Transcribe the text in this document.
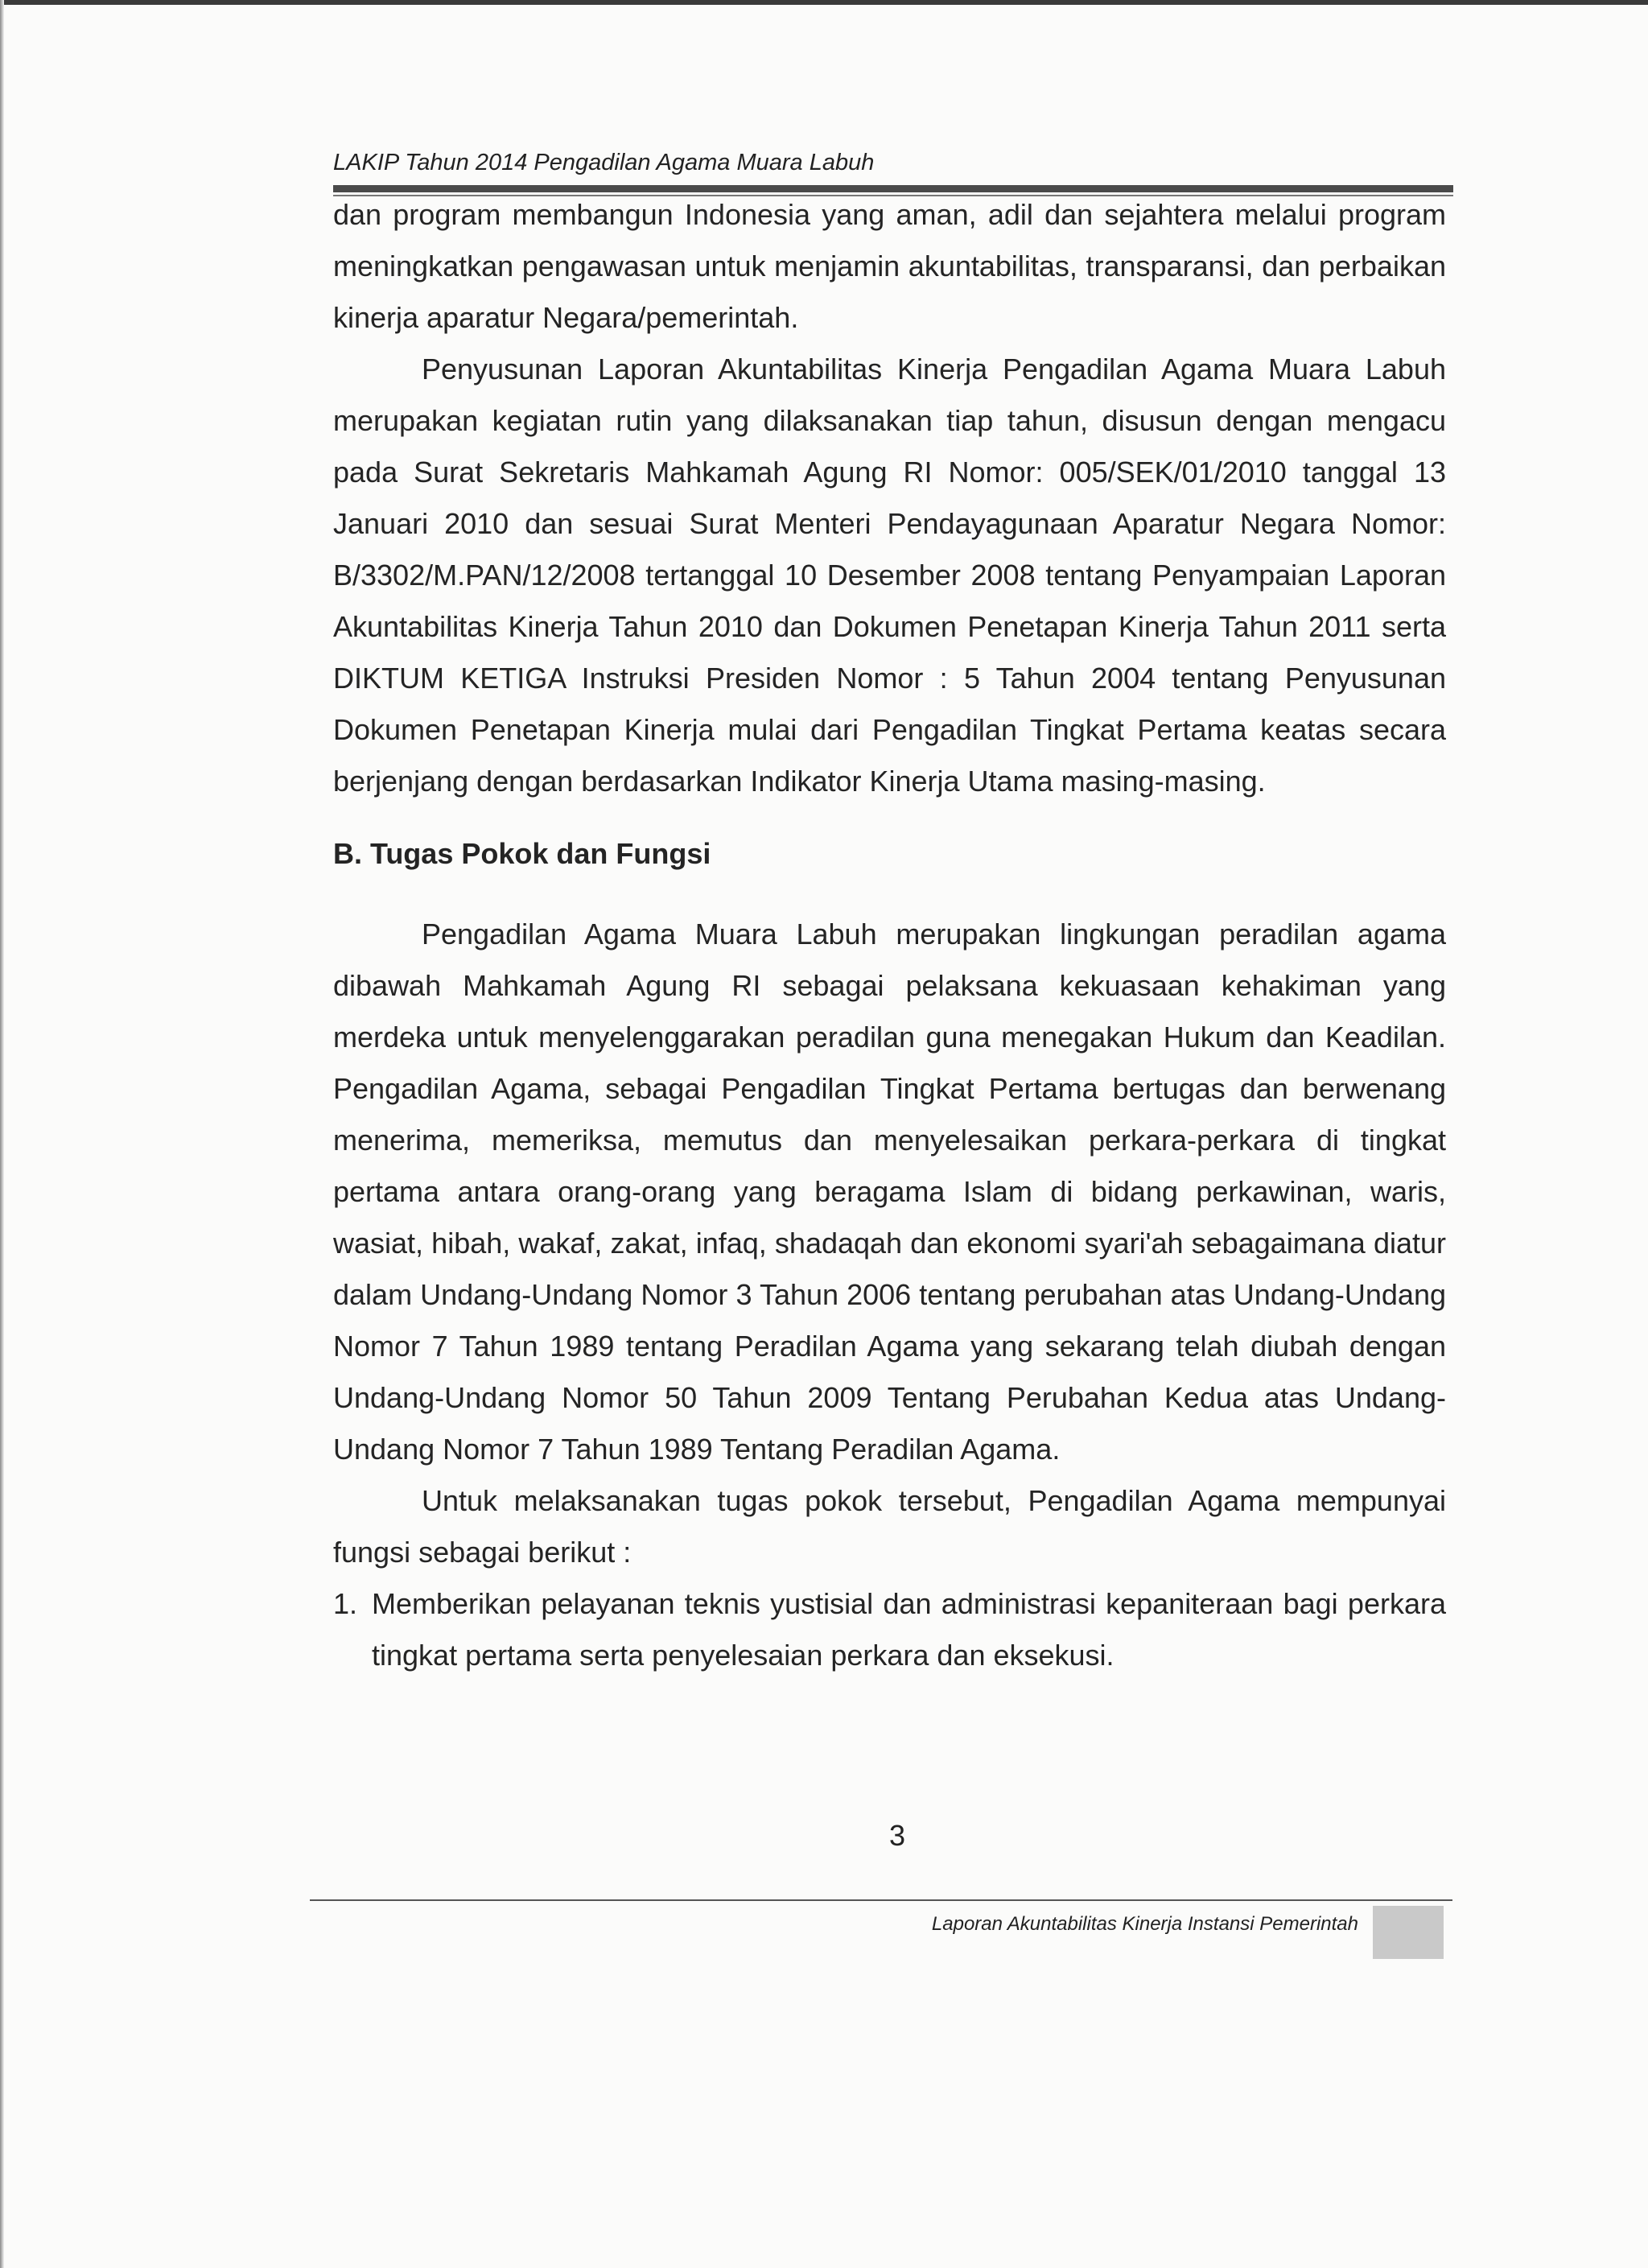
LAKIP Tahun 2014 Pengadilan Agama Muara Labuh

dan program membangun Indonesia yang aman, adil dan sejahtera melalui program meningkatkan pengawasan untuk menjamin akuntabilitas, transparansi, dan perbaikan kinerja aparatur Negara/pemerintah.

Penyusunan Laporan Akuntabilitas Kinerja Pengadilan Agama Muara Labuh merupakan kegiatan rutin yang dilaksanakan tiap tahun, disusun dengan mengacu pada Surat Sekretaris Mahkamah Agung RI Nomor: 005/SEK/01/2010 tanggal 13 Januari 2010 dan sesuai Surat Menteri Pendayagunaan Aparatur Negara Nomor: B/3302/M.PAN/12/2008 tertanggal 10 Desember 2008 tentang Penyampaian Laporan Akuntabilitas Kinerja Tahun 2010 dan Dokumen Penetapan Kinerja Tahun 2011 serta DIKTUM KETIGA Instruksi Presiden Nomor : 5 Tahun 2004 tentang Penyusunan Dokumen Penetapan Kinerja mulai dari Pengadilan Tingkat Pertama keatas secara berjenjang dengan berdasarkan Indikator Kinerja Utama masing-masing.

B. Tugas Pokok dan Fungsi

Pengadilan Agama Muara Labuh merupakan lingkungan peradilan agama dibawah Mahkamah Agung RI sebagai pelaksana kekuasaan kehakiman yang merdeka untuk menyelenggarakan peradilan guna menegakan Hukum dan Keadilan. Pengadilan Agama, sebagai Pengadilan Tingkat Pertama bertugas dan berwenang menerima, memeriksa, memutus dan menyelesaikan perkara-perkara di tingkat pertama antara orang-orang yang beragama Islam di bidang perkawinan, waris, wasiat, hibah, wakaf, zakat, infaq, shadaqah dan ekonomi syari'ah sebagaimana diatur dalam Undang-Undang Nomor 3 Tahun 2006 tentang perubahan atas Undang-Undang Nomor 7 Tahun 1989 tentang Peradilan Agama yang sekarang telah diubah dengan Undang-Undang Nomor 50 Tahun 2009 Tentang Perubahan Kedua atas Undang-Undang Nomor 7 Tahun 1989 Tentang Peradilan Agama.

Untuk melaksanakan tugas pokok tersebut, Pengadilan Agama mempunyai fungsi sebagai berikut :

1. Memberikan pelayanan teknis yustisial dan administrasi kepaniteraan bagi perkara tingkat pertama serta penyelesaian perkara dan eksekusi.
3
Laporan Akuntabilitas Kinerja Instansi Pemerintah
